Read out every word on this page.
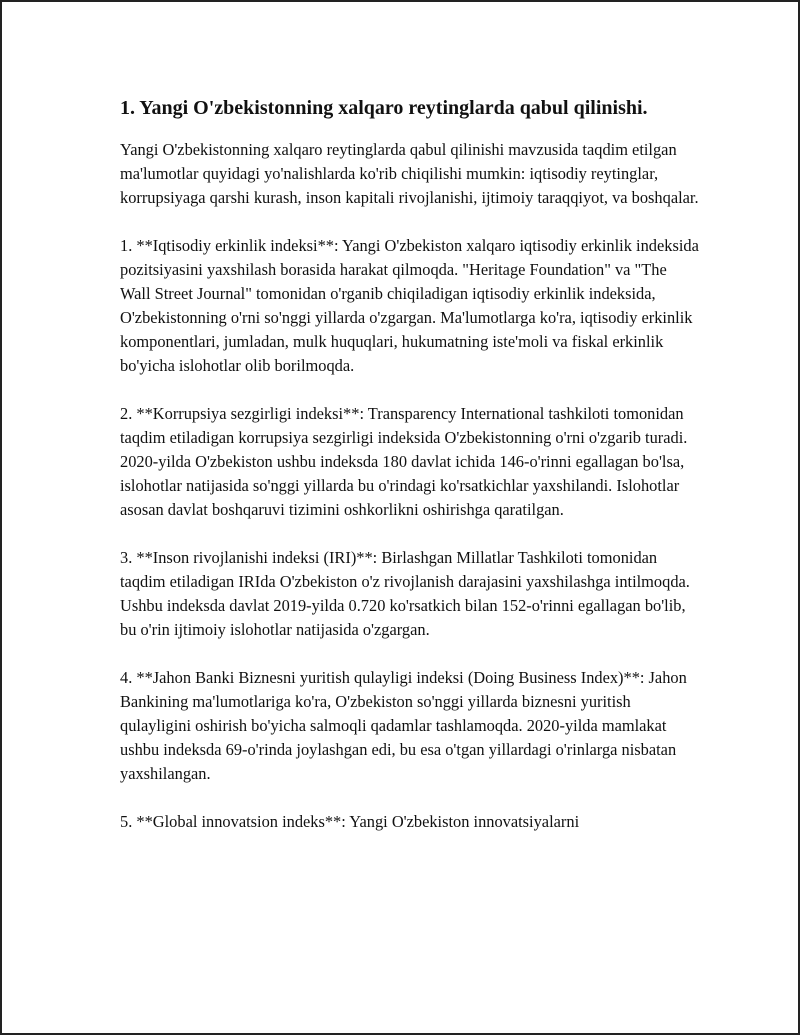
1. Yangi O'zbekistonning xalqaro reytinglarda qabul qilinishi.

Yangi O'zbekistonning xalqaro reytinglarda qabul qilinishi mavzusida taqdim etilgan ma'lumotlar quyidagi yo'nalishlarda ko'rib chiqilishi mumkin: iqtisodiy reytinglar, korrupsiyaga qarshi kurash, inson kapitali rivojlanishi, ijtimoiy taraqqiyot, va boshqalar.

1. **Iqtisodiy erkinlik indeksi**: Yangi O'zbekiston xalqaro iqtisodiy erkinlik indeksida pozitsiyasini yaxshilash borasida harakat qilmoqda. "Heritage Foundation" va "The Wall Street Journal" tomonidan o'rganib chiqiladigan iqtisodiy erkinlik indeksida, O'zbekistonning o'rni so'nggi yillarda o'zgargan. Ma'lumotlarga ko'ra, iqtisodiy erkinlik komponentlari, jumladan, mulk huquqlari, hukumatning iste'moli va fiskal erkinlik bo'yicha islohotlar olib borilmoqda.

2. **Korrupsiya sezgirligi indeksi**: Transparency International tashkiloti tomonidan taqdim etiladigan korrupsiya sezgirligi indeksida O'zbekistonning o'rni o'zgarib turadi. 2020-yilda O'zbekiston ushbu indeksda 180 davlat ichida 146-o'rinni egallagan bo'lsa, islohotlar natijasida so'nggi yillarda bu o'rindagi ko'rsatkichlar yaxshilandi. Islohotlar asosan davlat boshqaruvi tizimini oshkorlikni oshirishga qaratilgan.

3. **Inson rivojlanishi indeksi (IRI)**: Birlashgan Millatlar Tashkiloti tomonidan taqdim etiladigan IRIda O'zbekiston o'z rivojlanish darajasini yaxshilashga intilmoqda. Ushbu indeksda davlat 2019-yilda 0.720 ko'rsatkich bilan 152-o'rinni egallagan bo'lib, bu o'rin ijtimoiy islohotlar natijasida o'zgargan.

4. **Jahon Banki Biznesni yuritish qulayligi indeksi (Doing Business Index)**: Jahon Bankining ma'lumotlariga ko'ra, O'zbekiston so'nggi yillarda biznesni yuritish qulayligini oshirish bo'yicha salmoqli qadamlar tashlamoqda. 2020-yilda mamlakat ushbu indeksda 69-o'rinda joylashgan edi, bu esa o'tgan yillardagi o'rinlarga nisbatan yaxshilangan.

5. **Global innovatsion indeks**: Yangi O'zbekiston innovatsiyalarni
